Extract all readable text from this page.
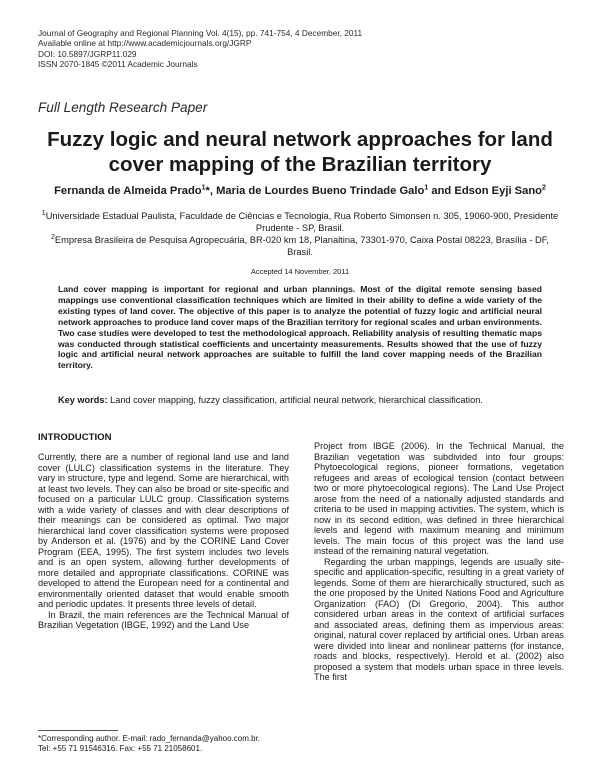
Journal of Geography and Regional Planning Vol. 4(15), pp. 741-754, 4 December, 2011
Available online at http://www.academicjournals.org/JGRP
DOI: 10.5897/JGRP11.029
ISSN 2070-1845 ©2011 Academic Journals
Full Length Research Paper
Fuzzy logic and neural network approaches for land cover mapping of the Brazilian territory
Fernanda de Almeida Prado$^1$*, Maria de Lourdes Bueno Trindade Galo$^1$ and Edson Eyji Sano$^2$

$^1$Universidade Estadual Paulista, Faculdade de Ciências e Tecnologia, Rua Roberto Simonsen n. 305, 19060-900, Presidente Prudente - SP, Brasil.

$^2$Empresa Brasileira de Pesquisa Agropecuária, BR-020 km 18, Planaltina, 73301-970, Caixa Postal 08223, Brasília - DF, Brasil.

Accepted 14 November, 2011

Land cover mapping is important for regional and urban plannings. Most of the digital remote sensing based mappings use conventional classification techniques which are limited in their ability to define a wide variety of the existing types of land cover. The objective of this paper is to analyze the potential of fuzzy logic and artificial neural network approaches to produce land cover maps of the Brazilian territory for regional scales and urban environments. Two case studies were developed to test the methodological approach. Reliability analysis of resulting thematic maps was conducted through statistical coefficients and uncertainty measurements. Results showed that the use of fuzzy logic and artificial neural network approaches are suitable to fulfill the land cover mapping needs of the Brazilian territory.

Key words: Land cover mapping, fuzzy classification, artificial neural network, hierarchical classification.
INTRODUCTION

Currently, there are a number of regional land use and land cover (LULC) classification systems in the literature. They vary in structure, type and legend. Some are hierarchical, with at least two levels. They can also be broad or site-specific and focused on a particular LULC group. Classification systems with a wide variety of classes and with clear descriptions of their meanings can be considered as optimal. Two major hierarchical land cover classification systems were proposed by Anderson et al. (1976) and by the CORINE Land Cover Program (EEA, 1995). The first system includes two levels and is an open system, allowing further developments of more detailed and appropriate classifications. CORINE was developed to attend the European need for a continental and environmentally oriented dataset that would enable smooth and periodic updates. It presents three levels of detail.

In Brazil, the main references are the Technical Manual of Brazilian Vegetation (IBGE, 1992) and the Land Use

Project from IBGE (2006). In the Technical Manual, the Brazilian vegetation was subdivided into four groups: Phytoecological regions, pioneer formations, vegetation refugees and areas of ecological tension (contact between two or more phytoecological regions). The Land Use Project arose from the need of a nationally adjusted standards and criteria to be used in mapping activities. The system, which is now in its second edition, was defined in three hierarchical levels and legend with maximum meaning and minimum levels. The main focus of this project was the land use instead of the remaining natural vegetation.

Regarding the urban mappings, legends are usually site-specific and application-specific, resulting in a great variety of legends. Some of them are hierarchically structured, such as the one proposed by the United Nations Food and Agriculture Organization (FAO) (Di Gregorio, 2004). This author considered urban areas in the context of artificial surfaces and associated areas, defining them as impervious areas: original, natural cover replaced by artificial ones. Urban areas were divided into linear and nonlinear patterns (for instance, roads and blocks, respectively). Herold et al. (2002) also proposed a system that models urban space in three levels. The first

*Corresponding author. E-mail: rado_fernanda@yahoo.com.br.
Tel: +55 71 91546316. Fax: +55 71 21058601.
